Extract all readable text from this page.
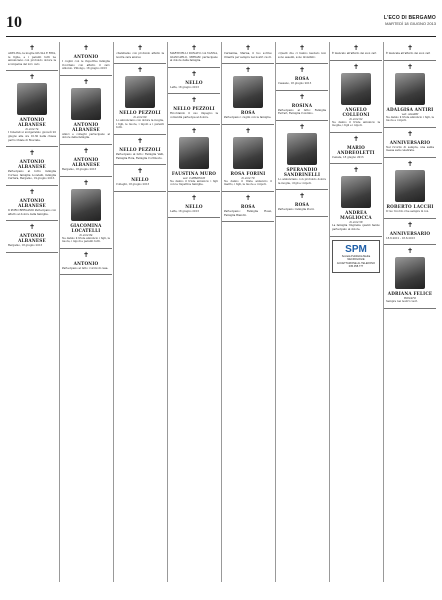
10	L'ECO DI BERGAMO
MARTEDÌ 18 GIUGNO 2013
✝

ADELINA, la moglie GIULIA E RITA, le figlie, e i parenti tutti ne annunciano con profondo dolore la scomparsa del loro caro

✝
ANTONIO ALBANESE
di anni 74

I funerali si svolgeranno giovedì 20 giugno alle ore 10.30 nella chiesa parrocchiale di Rosciate.

✝
ANTONIO ALBANESE

Partecipano al lutto: famiglia Cortesi, famiglia Locatelli, famiglia Carrara, Bergamo, 19 giugno 2013.

✝
ANTONIO ALBANESE

Il PORO BERGAMO Partecipano con affetto al dolore della famiglia.

✝
ANTONIO ALBANESE

Bergamo, 18 giugno 2013

✝
ANTONIO

I cugini con le rispettive famiglie ricordano con affetto il caro Antonio. Villongo, 18 giugno 2013

✝
ANTONIO ALBANESE

Amici e colleghi partecipano al dolore della famiglia.

✝
ANTONIO ALBANESE

Bergamo, 18 giugno 2013

✝
GIACOMINA LOCATELLI
di anni 84

Ne danno il triste annuncio i figli, le nuore, i nipoti e parenti tutti.

✝
ANTONIO

Partecipano al lutto i vicini di casa.

✝

«Salutiamo con profondo affetto la nostra cara amica»

✝
NELLO PEZZOLI
di anni 90

Lo annunciano con dolore la moglie, i figli, le nuore, i nipoti e i parenti tutti.

✝
NELLO PEZZOLI

Partecipano al lutto: Famiglia Valli, Famiglia Rota, Famiglia Cortinovis.

✝
NELLO

Colleghi, 18 giugno 2013

✝

MARTINELLI DONATO con VANNA, GIANCARLO, MIRIAM partecipano al dolore della famiglia.

✝
NELLO

Leffe, 18 giugno 2013

✝
NELLO PEZZOLI

Ricordando il suo impegno la comunità partecipa al dolore.

✝
FAUSTINA MURO
ved. CARMINATI

Ne danno il triste annuncio i figli con le rispettive famiglie.

✝
NELLO

Leffe, 18 giugno 2013

✝

Carissima, Marisa, il tuo sorriso rimarrà per sempre nei nostri cuori.

✝
ROSA

Partecipano i cugini con le famiglie.

✝
ROSA FORINI
di anni 79

Ne danno il triste annuncio il marito, i figli, le nuore e i nipoti.

✝
ROSA

Partecipano: Famiglia Rossi, Famiglia Bianchi.

✝

«Quelli che ci hanno lasciato non sono assenti, sono invisibili»

✝
ROSA

Cassano, 18 giugno 2013

✝
ROSINA

Partecipano al lutto: Famiglia Ferrari, Famiglia Colombo.

✝
SPERANDIO SANDRINELLI

Lo annunciano con profondo dolore la moglie, i figli e i nipoti.

✝
ROSA

Partecipano: famiglia Pozzi.

✝

È mancato all'affetto dei suoi cari

✝
ANGELO COLLEONI
di anni 92

Ne danno il triste annuncio la moglie, i figli e i nipoti.

✝
MARIO ANDREOLETTI

Cenate, 18 giugno 2013

✝
ANDREA MAGLIOCCA
di anni 58

La famiglia ringrazia quanti hanno partecipato al dolore.

SPM
Società Pubblicità Media
NECROLOGIE
ACCETTAZIONE AL TELEFONO
035.358.777
✝

È mancata all'affetto dei suoi cari

✝
ADALGISA ANTIRI
ved. AGAZZI

Ne danno il triste annuncio i figli, le nuore e i nipoti.

✝
ANNIVERSARIO

Nel ricordo di sempre, una santa messa sarà celebrata.

✝
ROBERTO LACCHI

Il tuo ricordo vive sempre in noi.

✝
ANNIVERSARIO

18.6.2012 - 18.6.2013

✝
ADRIANA FELICE
BONATO

Sempre nei nostri cuori.
